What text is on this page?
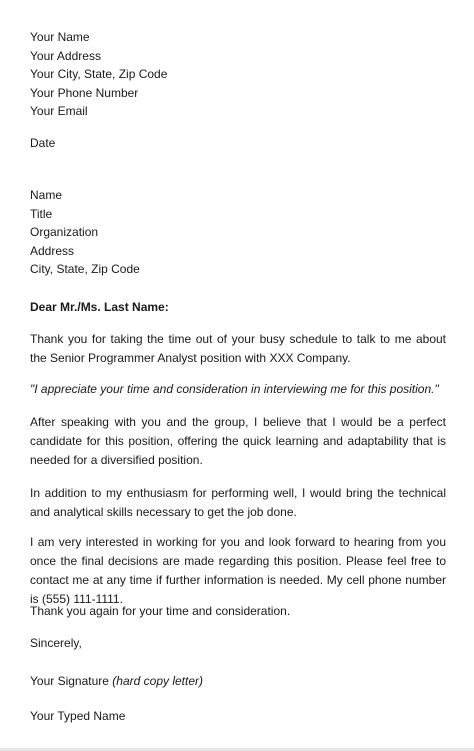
Your Name
Your Address
Your City, State, Zip Code
Your Phone Number
Your Email
Date
Name
Title
Organization
Address
City, State, Zip Code
Dear Mr./Ms. Last Name:
Thank you for taking the time out of your busy schedule to talk to me about the Senior Programmer Analyst position with XXX Company.
"I appreciate your time and consideration in interviewing me for this position."
After speaking with you and the group, I believe that I would be a perfect candidate for this position, offering the quick learning and adaptability that is needed for a diversified position.
In addition to my enthusiasm for performing well, I would bring the technical and analytical skills necessary to get the job done.
I am very interested in working for you and look forward to hearing from you once the final decisions are made regarding this position. Please feel free to contact me at any time if further information is needed. My cell phone number is (555) 111-1111.
Thank you again for your time and consideration.
Sincerely,
Your Signature (hard copy letter)
Your Typed Name
